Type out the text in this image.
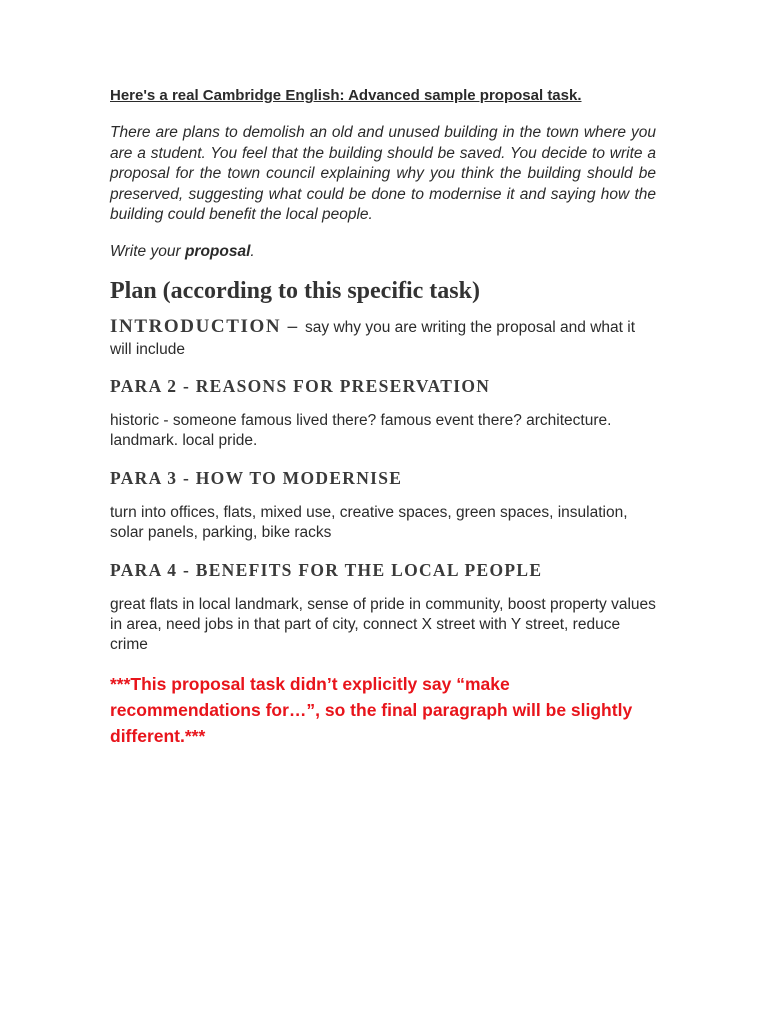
Here's a real Cambridge English: Advanced sample proposal task.

There are plans to demolish an old and unused building in the town where you are a student. You feel that the building should be saved. You decide to write a proposal for the town council explaining why you think the building should be preserved, suggesting what could be done to modernise it and saying how the building could benefit the local people.

Write your proposal.

Plan (according to this specific task)
INTRODUCTION – say why you are writing the proposal and what it will include
PARA 2 - REASONS FOR PRESERVATION

historic - someone famous lived there? famous event there? architecture. landmark. local pride.

PARA 3 - HOW TO MODERNISE

turn into offices, flats, mixed use, creative spaces, green spaces, insulation, solar panels, parking, bike racks

PARA 4 - BENEFITS FOR THE LOCAL PEOPLE

great flats in local landmark, sense of pride in community, boost property values in area, need jobs in that part of city, connect X street with Y street, reduce crime

***This proposal task didn’t explicitly say “make recommendations for…”, so the final paragraph will be slightly different.***
